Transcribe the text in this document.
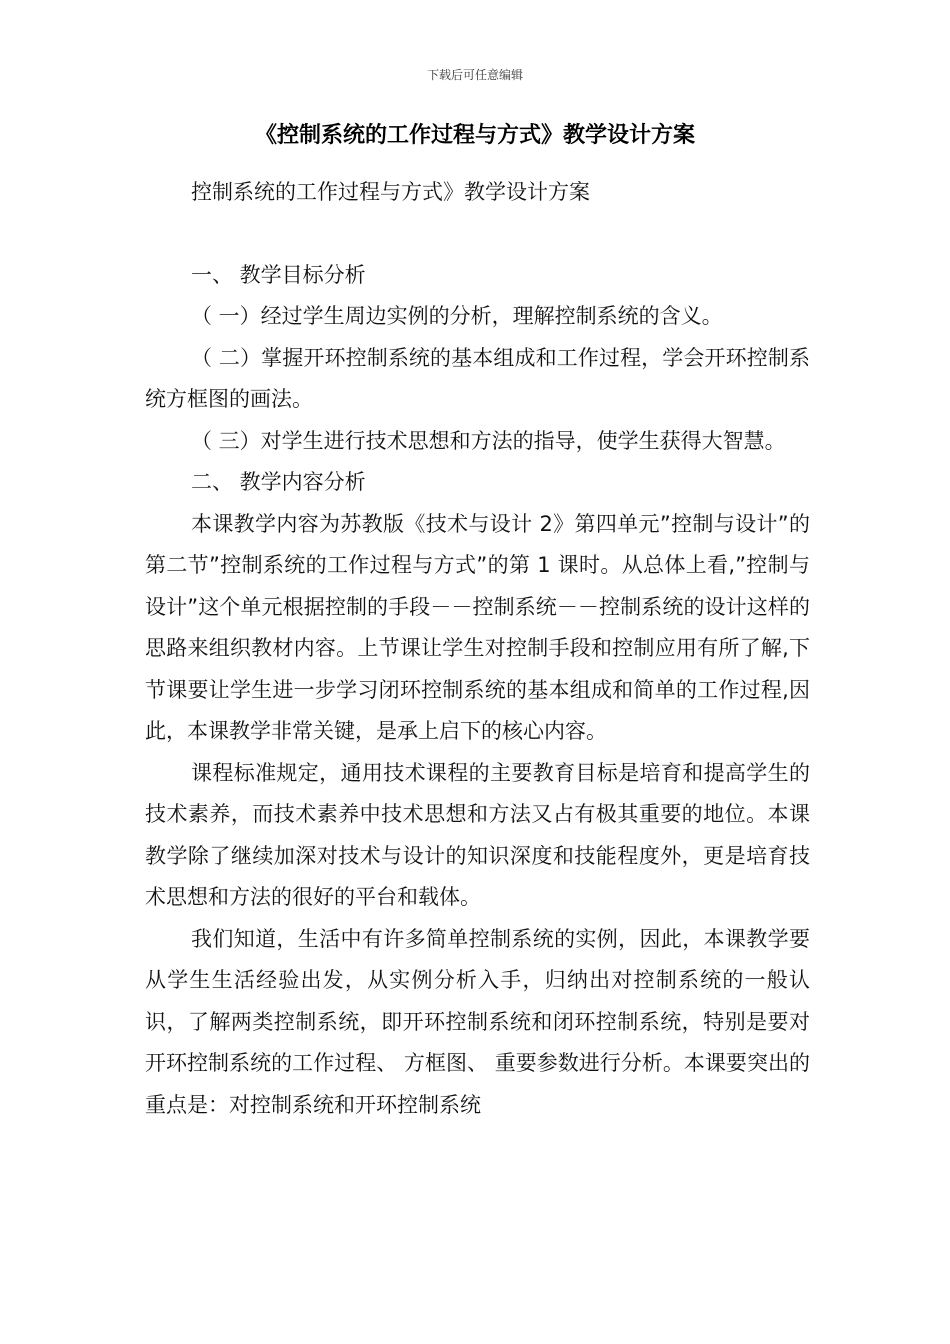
下载后可任意编辑
《控制系统的工作过程与方式》教学设计方案

控制系统的工作过程与方式》教学设计方案

一、 教学目标分析

（ 一）经过学生周边实例的分析，理解控制系统的含义。

（ 二）掌握开环控制系统的基本组成和工作过程，学会开环控制系统方框图的画法。

（ 三）对学生进行技术思想和方法的指导，使学生获得大智慧。

二、 教学内容分析

本课教学内容为苏教版《技术与设计 2》第四单元”控制与设计”的第二节”控制系统的工作过程与方式”的第 1 课时。从总体上看,”控制与设计”这个单元根据控制的手段－－控制系统－－控制系统的设计这样的思路来组织教材内容。上节课让学生对控制手段和控制应用有所了解,下节课要让学生进一步学习闭环控制系统的基本组成和简单的工作过程,因此，本课教学非常关键，是承上启下的核心内容。

课程标准规定，通用技术课程的主要教育目标是培育和提高学生的技术素养，而技术素养中技术思想和方法又占有极其重要的地位。本课教学除了继续加深对技术与设计的知识深度和技能程度外，更是培育技术思想和方法的很好的平台和载体。

我们知道，生活中有许多简单控制系统的实例，因此，本课教学要从学生生活经验出发，从实例分析入手，归纳出对控制系统的一般认识，了解两类控制系统，即开环控制系统和闭环控制系统，特别是要对开环控制系统的工作过程、 方框图、 重要参数进行分析。本课要突出的重点是：对控制系统和开环控制系统
